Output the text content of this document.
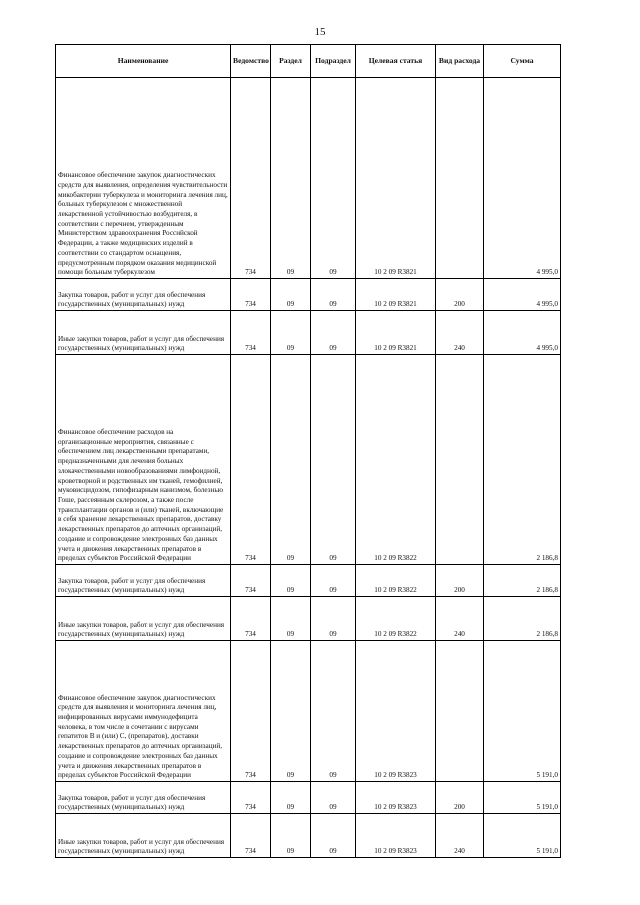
15
Наименование	Ведомство	Раздел	Подраздел	Целевая статья	Вид расхода	Сумма
Финансовое обеспечение закупок диагностических средств для выявления, определения чувствительности микобактерии туберкулеза и мониторинга лечения лиц, больных туберкулезом с множественной лекарственной устойчивостью возбудителя, в соответствии с перечнем, утвержденным Министерством здравоохранения Российской Федерации, а также медицинских изделий в соответствии со стандартом оснащения, предусмотренным порядком оказания медицинской помощи больным туберкулезом	734	09	09	10 2 09 R3821		4 995,0
Закупка товаров, работ и услуг для обеспечения государственных (муниципальных) нужд	734	09	09	10 2 09 R3821	200	4 995,0
Иные закупки товаров, работ и услуг для обеспечения государственных (муниципальных) нужд	734	09	09	10 2 09 R3821	240	4 995,0
Финансовое обеспечение расходов на организационные мероприятия, связанные с обеспечением лиц лекарственными препаратами, предназначенными для лечения больных злокачественными новообразованиями лимфоидной, кроветворной и родственных им тканей, гемофилией, муковисцидозом, гипофизарным нанизмом, болезнью Гоше, рассеянным склерозом, а также после трансплантации органов и (или) тканей, включающие в себя хранение лекарственных препаратов, доставку лекарственных препаратов до аптечных организаций, создание и сопровождение электронных баз данных учета и движения лекарственных препаратов в пределах субъектов Российской Федерации	734	09	09	10 2 09 R3822		2 186,8
Закупка товаров, работ и услуг для обеспечения государственных (муниципальных) нужд	734	09	09	10 2 09 R3822	200	2 186,8
Иные закупки товаров, работ и услуг для обеспечения государственных (муниципальных) нужд	734	09	09	10 2 09 R3822	240	2 186,8
Финансовое обеспечение закупок диагностических средств для выявления и мониторинга лечения лиц, инфицированных вирусами иммунодефицита человека, в том числе в сочетании с вирусами гепатитов B и (или) C, (препаратов), доставки лекарственных препаратов до аптечных организаций, создание и сопровождение электронных баз данных учета и движения лекарственных препаратов в пределах субъектов Российской Федерации	734	09	09	10 2 09 R3823		5 191,0
Закупка товаров, работ и услуг для обеспечения государственных (муниципальных) нужд	734	09	09	10 2 09 R3823	200	5 191,0
Иные закупки товаров, работ и услуг для обеспечения государственных (муниципальных) нужд	734	09	09	10 2 09 R3823	240	5 191,0
